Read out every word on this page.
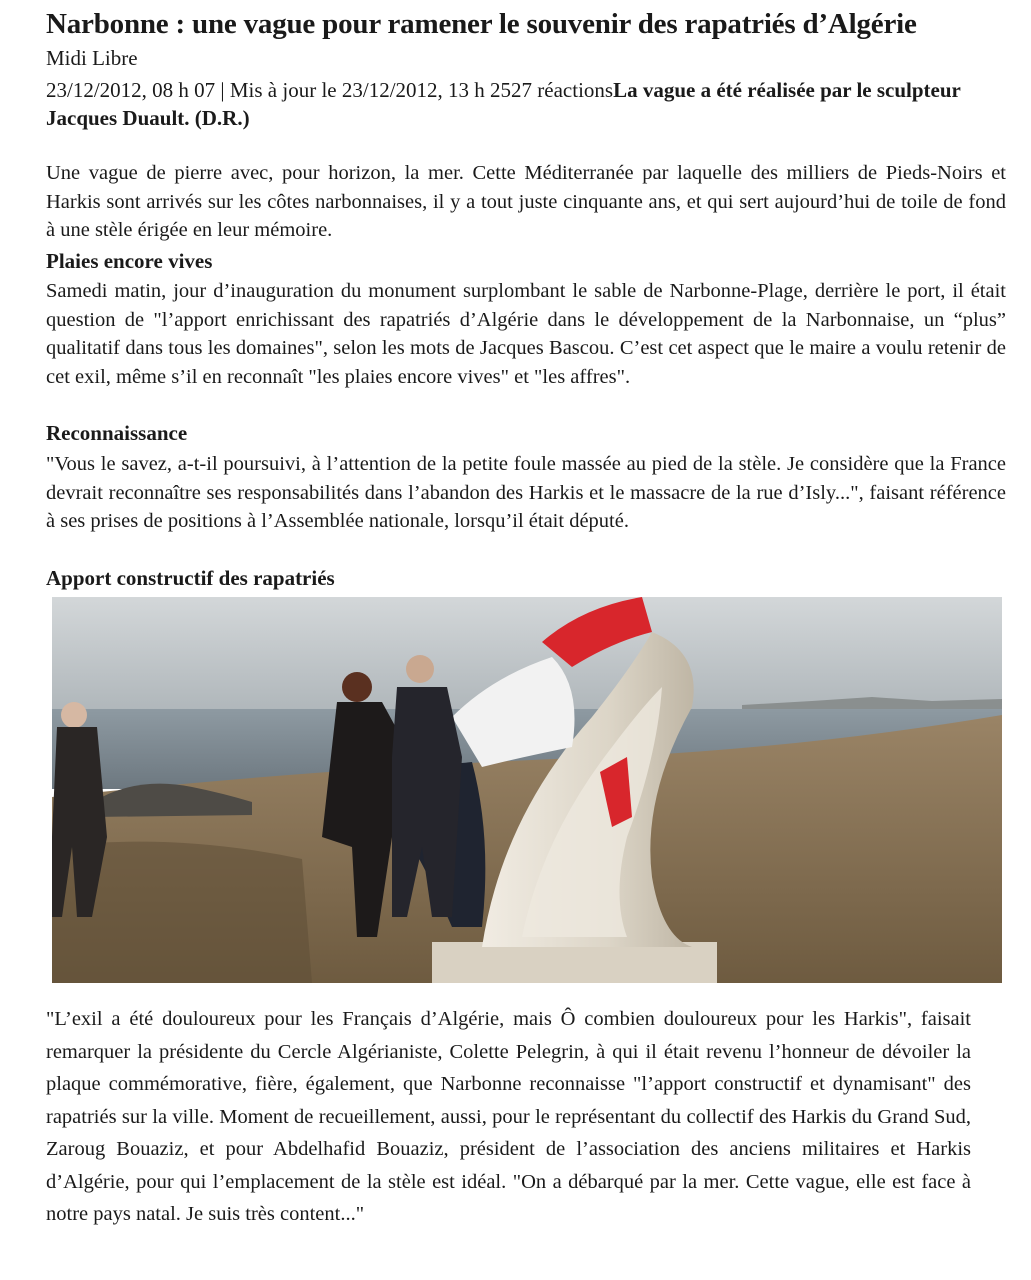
Narbonne : une vague pour ramener le souvenir des rapatriés d’Algérie
Midi Libre
23/12/2012, 08 h 07 | Mis à jour le 23/12/2012, 13 h 2527 réactionsLa vague a été réalisée par le sculpteur Jacques Duault. (D.R.)

Une vague de pierre avec, pour horizon, la mer. Cette Méditerranée par laquelle des milliers de Pieds-Noirs et Harkis sont arrivés sur les côtes narbonnaises, il y a tout juste cinquante ans, et qui sert aujourd’hui de toile de fond à une stèle érigée en leur mémoire.

Plaies encore vives

Samedi matin, jour d’inauguration du monument surplombant le sable de Narbonne-Plage, derrière le port, il était question de "l’apport enrichissant des rapatriés d’Algérie dans le développement de la Narbonnaise, un “plus” qualitatif dans tous les domaines", selon les mots de Jacques Bascou. C’est cet aspect que le maire a voulu retenir de cet exil, même s’il en reconnaît "les plaies encore vives" et "les affres".

Reconnaissance

"Vous le savez, a-t-il poursuivi, à l’attention de la petite foule massée au pied de la stèle. Je considère que la France devrait reconnaître ses responsabilités dans l’abandon des Harkis et le massacre de la rue d’Isly...", faisant référence à ses prises de positions à l’Assemblée nationale, lorsqu’il était député.

Apport constructif des rapatriés

"L’exil a été douloureux pour les Français d’Algérie, mais Ô combien douloureux pour les Harkis", faisait remarquer la présidente du Cercle Algérianiste, Colette Pelegrin, à qui il était revenu l’honneur de dévoiler la plaque commémorative, fière, également, que Narbonne reconnaisse "l’apport constructif et dynamisant" des rapatriés sur la ville. Moment de recueillement, aussi, pour le représentant du collectif des Harkis du Grand Sud, Zaroug Bouaziz, et pour Abdelhafid Bouaziz, président de l’association des anciens militaires et Harkis d’Algérie, pour qui l’emplacement de la stèle est idéal. "On a débarqué par la mer. Cette vague, elle est face à notre pays natal. Je suis très content..."
